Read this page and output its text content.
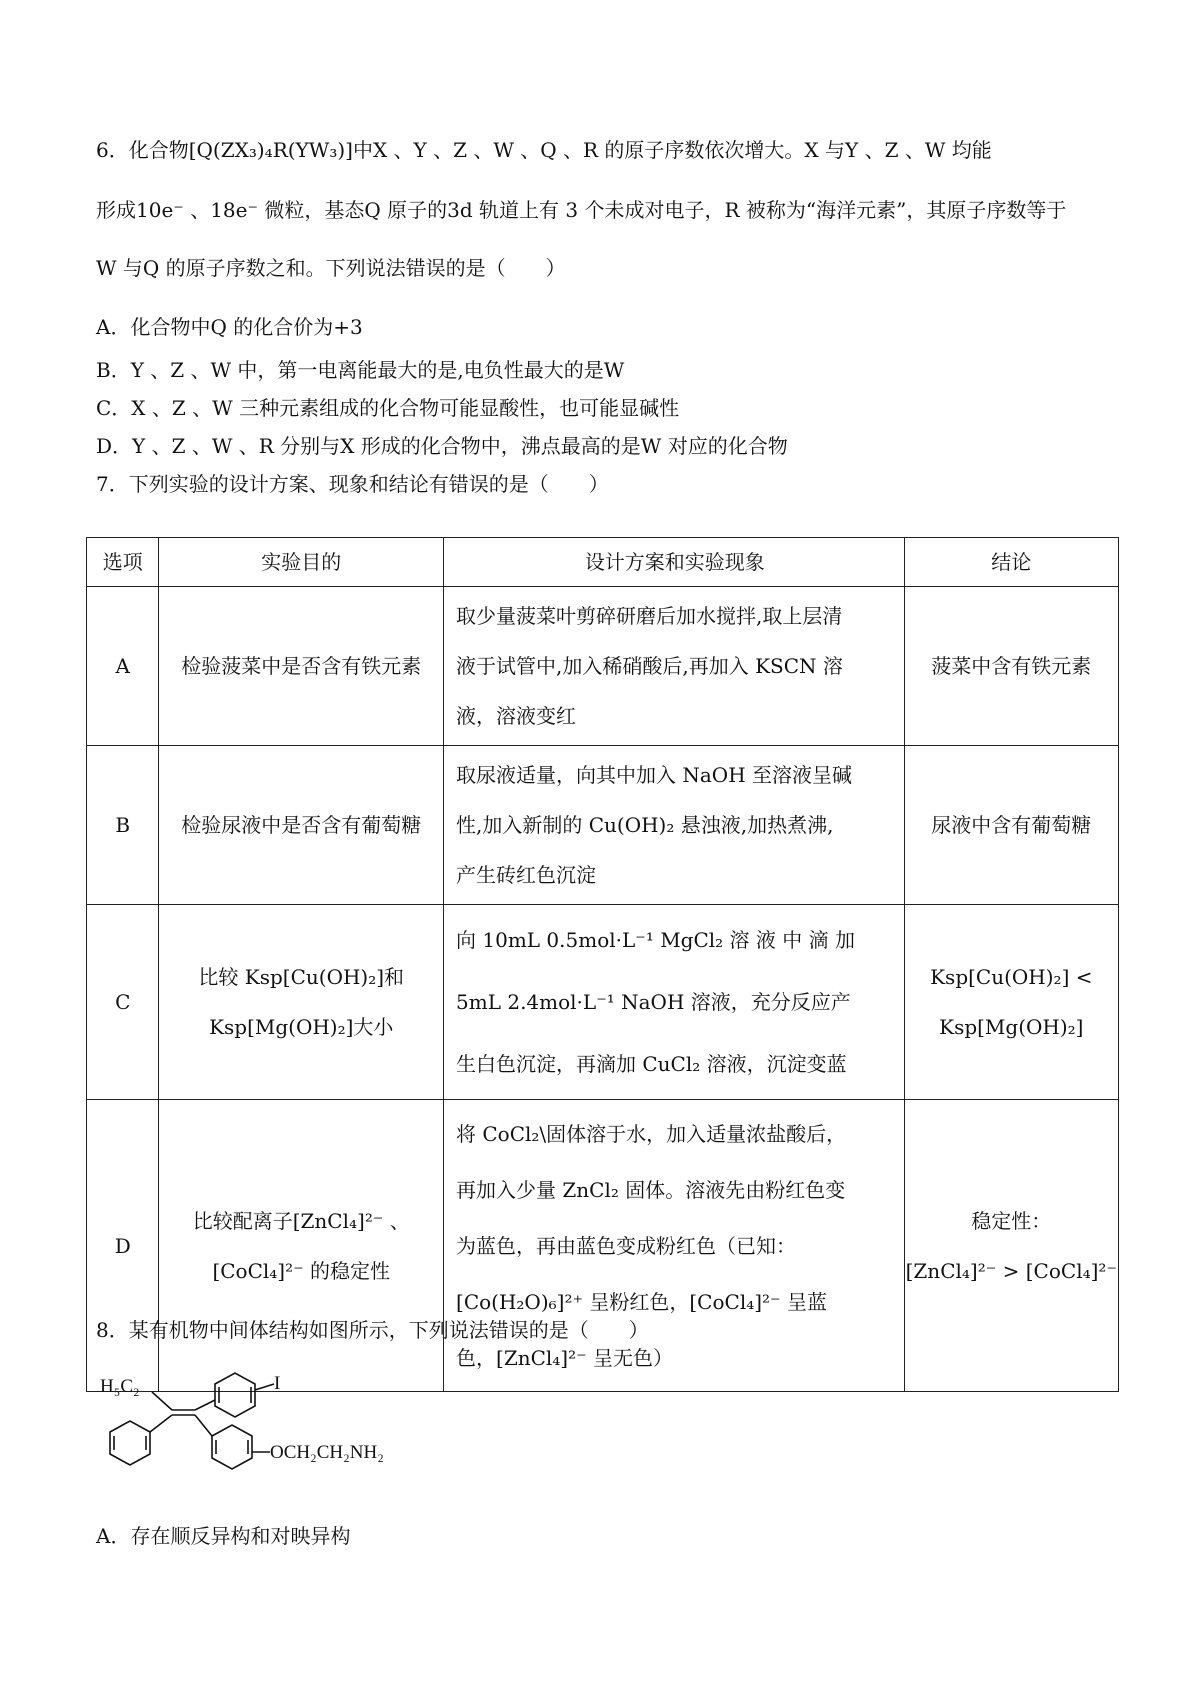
6．化合物[Q(ZX₃)₄R(YW₃)]中X 、Y 、Z 、W 、Q 、R 的原子序数依次增大。X 与Y 、Z 、W 均能
形成10e⁻ 、18e⁻ 微粒，基态Q 原子的3d 轨道上有 3 个未成对电子，R 被称为“海洋元素”，其原子序数等于
W 与Q 的原子序数之和。下列说法错误的是（　　）
A．化合物中Q 的化合价为+3
B．Y 、Z 、W 中，第一电离能最大的是,电负性最大的是W
C．X 、Z 、W 三种元素组成的化合物可能显酸性，也可能显碱性
D．Y 、Z 、W 、R 分别与X 形成的化合物中，沸点最高的是W 对应的化合物
7．下列实验的设计方案、现象和结论有错误的是（　　）
选项	实验目的	设计方案和实验现象	结论
A	检验菠菜中是否含有铁元素	取少量菠菜叶剪碎研磨后加水搅拌,取上层清
液于试管中,加入稀硝酸后,再加入 KSCN 溶
液，溶液变红	菠菜中含有铁元素

B	检验尿液中是否含有葡萄糖	取尿液适量，向其中加入 NaOH 至溶液呈碱
性,加入新制的 Cu(OH)₂ 悬浊液,加热煮沸,
产生砖红色沉淀	尿液中含有葡萄糖

C	比较 Ksp[Cu(OH)₂]和
Ksp[Mg(OH)₂]大小	向 10mL 0.5mol·L⁻¹ MgCl₂ 溶 液 中 滴 加
5mL 2.4mol·L⁻¹ NaOH 溶液，充分反应产
生白色沉淀，再滴加 CuCl₂ 溶液，沉淀变蓝	Ksp[Cu(OH)₂] <
Ksp[Mg(OH)₂]

D	比较配离子[ZnCl₄]²⁻ 、
[CoCl₄]²⁻ 的稳定性	将 CoCl₂\固体溶于水，加入适量浓盐酸后，
再加入少量 ZnCl₂ 固体。溶液先由粉红色变
为蓝色，再由蓝色变成粉红色（已知：
[Co(H₂O)₆]²⁺ 呈粉红色，[CoCl₄]²⁻ 呈蓝
色，[ZnCl₄]²⁻ 呈无色）	稳定性：
[ZnCl₄]²⁻ > [CoCl₄]²⁻
8．某有机物中间体结构如图所示，下列说法错误的是（　　）
H₅C₂	I
OCH₂CH₂NH₂
A．存在顺反异构和对映异构
